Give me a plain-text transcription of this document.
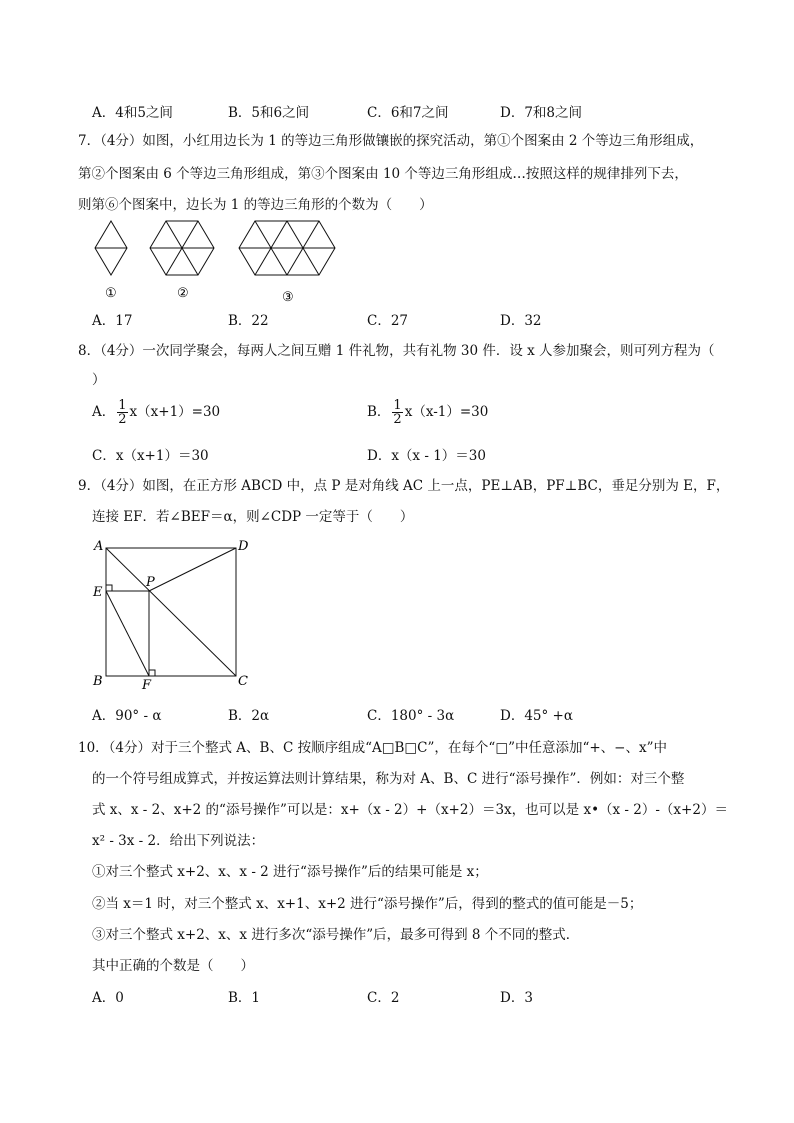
A．4和5之间	B．5和6之间	C．6和7之间	D．7和8之间
7．（4分）如图，小红用边长为 1 的等边三角形做镶嵌的探究活动，第①个图案由 2 个等边三角形组成，
第②个图案由 6 个等边三角形组成，第③个图案由 10 个等边三角形组成…按照这样的规律排列下去，
则第⑥个图案中，边长为 1 的等边三角形的个数为（　　）
①	②	③
A．17	B．22	C．27	D．32
8．（4分）一次同学聚会，每两人之间互赠 1 件礼物，共有礼物 30 件．设 x 人参加聚会，则可列方程为（
）
A． $\frac{1}{2} x(x+1)=30$	B． $\frac{1}{2} x(x-1)=30$
C．x（x+1）＝30	D．x（x - 1）＝30
9．（4分）如图，在正方形 ABCD 中，点 P 是对角线 AC 上一点，PE⊥AB，PF⊥BC，垂足分别为 E，F，
连接 EF．若∠BEF＝α，则∠CDP 一定等于（　　）
A	D
E
P
B	F	C
A．90° - α	B．2α	C．180° - 3α	D．45° +α
10．（4分）对于三个整式 A、B、C 按顺序组成“A□B□C”，在每个“□”中任意添加“+、−、x”中
的一个符号组成算式，并按运算法则计算结果，称为对 A、B、C 进行“添号操作”．例如：对三个整
式 x、x - 2、x+2 的“添号操作”可以是：x+（x - 2）+（x+2）＝3x，也可以是 x•（x - 2）-（x+2）＝
x² - 3x - 2．给出下列说法：
①对三个整式 x+2、x、x - 2 进行“添号操作”后的结果可能是 x；
②当 x＝1 时，对三个整式 x、x+1、x+2 进行“添号操作”后，得到的整式的值可能是－5；
③对三个整式 x+2、x、x 进行多次“添号操作”后，最多可得到 8 个不同的整式．
其中正确的个数是（　　）
A．0	B．1	C．2	D．3
